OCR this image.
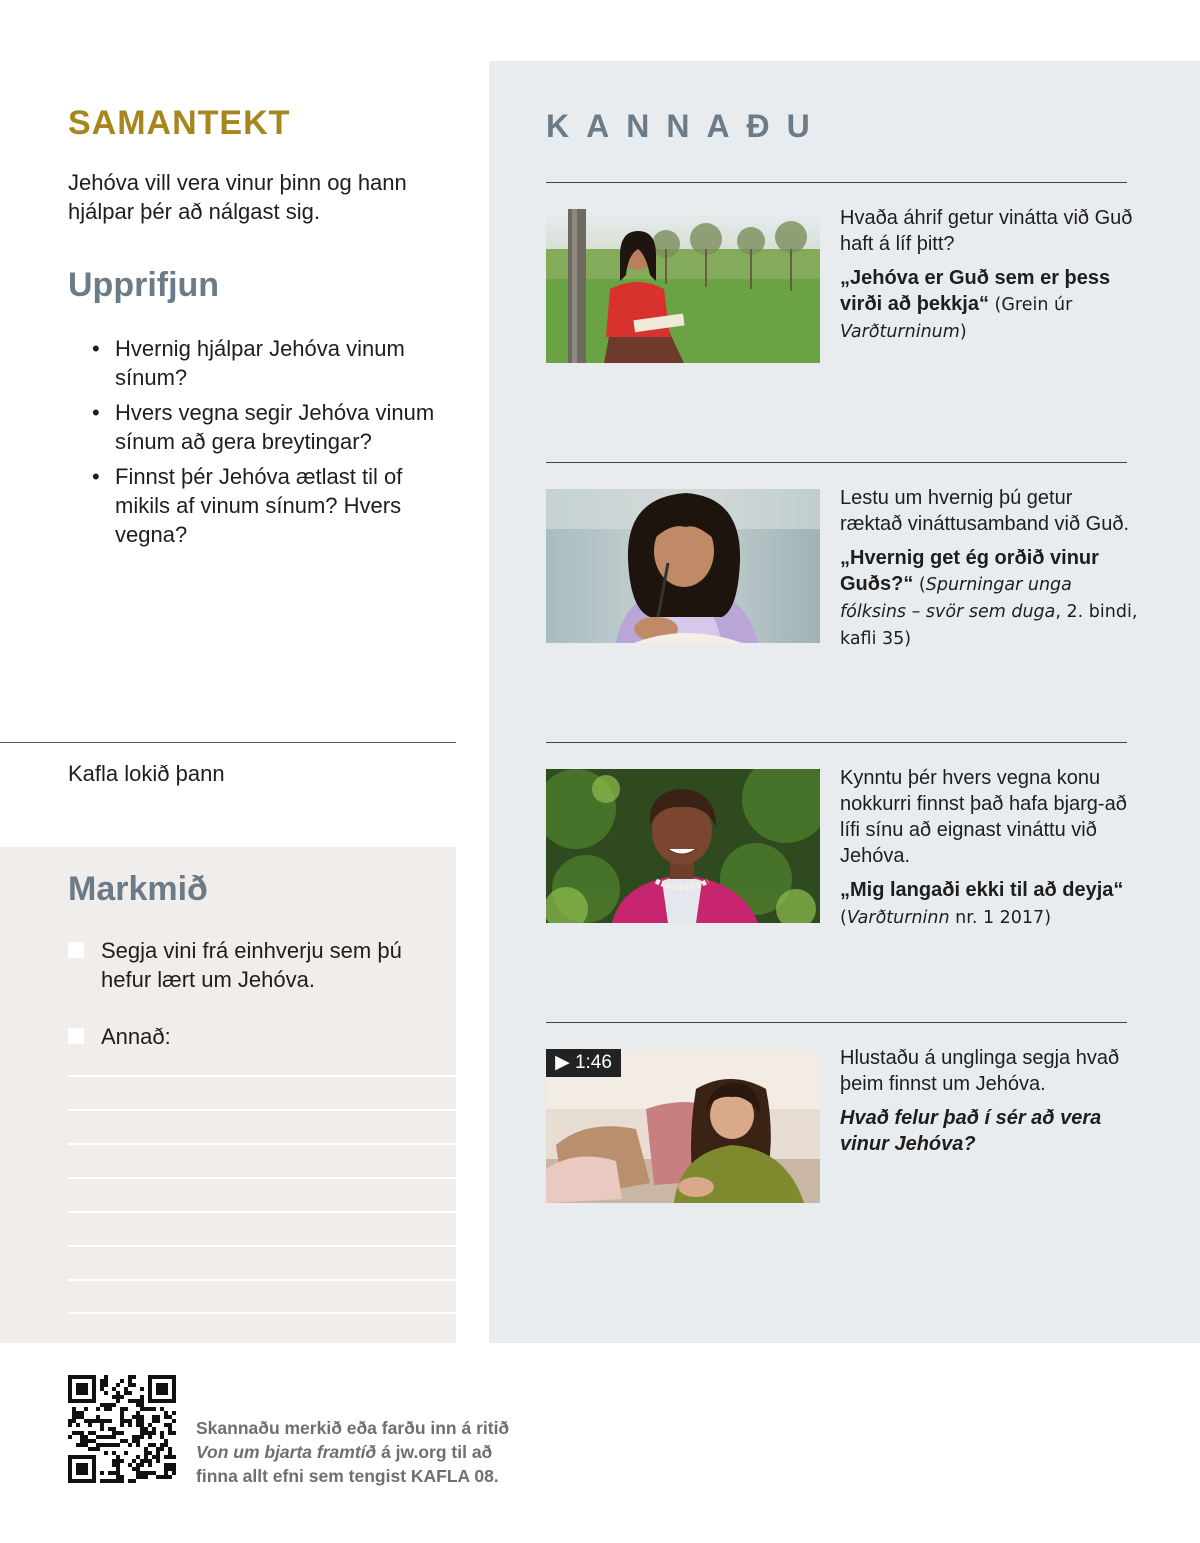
SAMANTEKT

Jehóva vill vera vinur þinn og hann hjálpar þér að nálgast sig.

Upprifjun
• Hvernig hjálpar Jehóva vinum sínum?
• Hvers vegna segir Jehóva vinum sínum að gera breytingar?
• Finnst þér Jehóva ætlast til of mikils af vinum sínum? Hvers vegna?

Kafla lokið þann

Markmið
Segja vini frá einhverju sem þú hefur lært um Jehóva.
Annað:
KANNAÐU
Hvaða áhrif getur vinátta við Guð haft á líf þitt?
„Jehóva er Guð sem er þess virði að þekkja“ (Grein úr Varðturninum)
Lestu um hvernig þú getur ræktað vináttusamband við Guð.
„Hvernig get ég orðið vinur Guðs?“ (Spurningar unga fólksins – svör sem duga, 2. bindi, kafli 35)
Kynntu þér hvers vegna konu nokkurri finnst það hafa bjarg-að lífi sínu að eignast vináttu við Jehóva.
„Mig langaði ekki til að deyja“ (Varðturninn nr. 1 2017)
▶ 1:46	Hlustaðu á unglinga segja hvað þeim finnst um Jehóva.
Hvað felur það í sér að vera vinur Jehóva?

Skannaðu merkið eða farðu inn á ritið Von um bjarta framtíð á jw.org til að finna allt efni sem tengist KAFLA 08.
